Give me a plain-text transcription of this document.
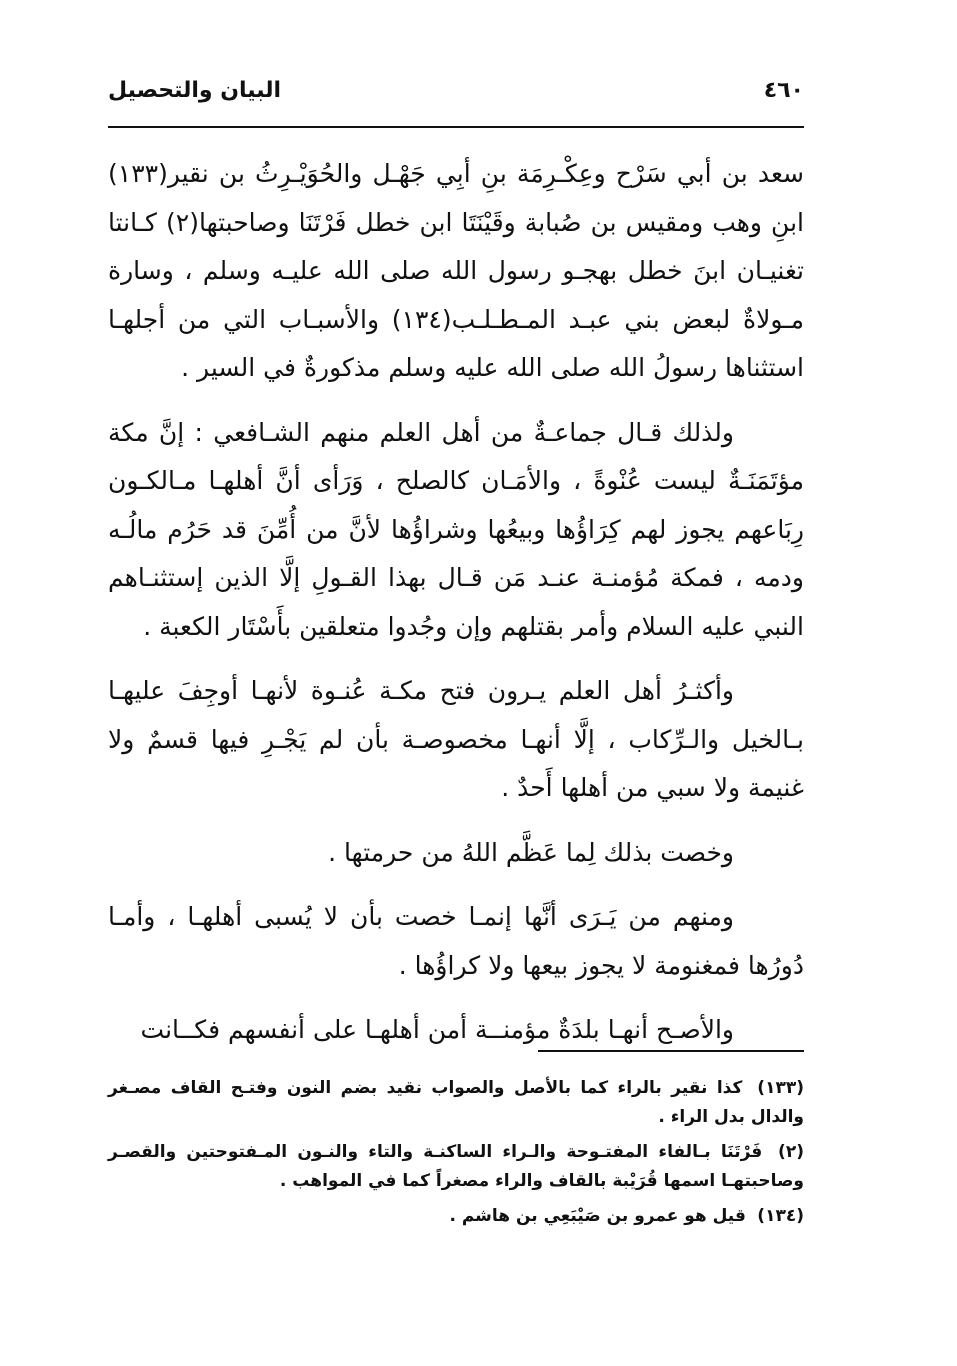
٤٦٠
البيان والتحصيل

سعد بن أبي سَرْح وعِكْـرِمَة بنِ أبِي جَهْـل والحُوَيْـرِثُ بن نقير(١٣٣) ابنِ وهب ومقيس بن صُبابة وقَيْنَتَا ابن خطل فَرْتَنَا وصاحبتها(٢) كـانتا تغنيـان ابنَ خطل بهجـو رسول الله صلى الله عليـه وسلم ، وسارة مـولاةٌ لبعض بني عبـد المـطـلـب(١٣٤) والأسبـاب التي من أجلهـا استثناها رسولُ الله صلى الله عليه وسلم مذكورةٌ في السير .

ولذلك قـال جماعـةٌ من أهل العلم منهم الشـافعي : إنَّ مكة مؤتَمَنَـةٌ ليست عُنْوةً ، والأمَـان كالصلح ، وَرَأى أنَّ أهلهـا مـالكـون رِبَاعهم يجوز لهم كِرَاؤُها وبيعُها وشراؤُها لأنَّ من أُمِّنَ قد حَرُم مالُـه ودمه ، فمكة مُؤمنـة عنـد مَن قـال بهذا القـولِ إلَّا الذين إستثنـاهم النبي عليه السلام وأمر بقتلهم وإن وجُدوا متعلقين بأَسْتَار الكعبة .

وأكثـرُ أهل العلم يـرون فتح مكـة عُنـوة لأنهـا أوجِفَ عليهـا بـالخيل والـرِّكاب ، إلَّا أنهـا مخصوصـة بأن لم يَجْـرِ فيها قسمٌ ولا غنيمة ولا سبي من أهلها أَحدٌ .

وخصت بذلك لِما عَظَّم اللهُ من حرمتها .

ومنهم من يَـرَى أنَّها إنمـا خصت بأن لا يُسبى أهلهـا ، وأمـا دُورُها فمغنومة لا يجوز بيعها ولا كراؤُها .

والأصـح أنهـا بلدَةٌ مؤمنــة أمن أهلهـا على أنفسهم فكــانت

(١٣٣) كذا نقير بالراء كما بالأصل والصواب نقيد بضم النون وفتـح القاف مصـغر والدال بدل الراء .

(٢) فَرْتَنَا بـالفاء المفتـوحة والـراء الساكنـة والتاء والنـون المـفتوحتين والقصـر وصاحبتهـا اسمها قُرَيْبة بالقاف والراء مصغراً كما في المواهب .

(١٣٤) قيل هو عمرو بن صَيْبَعِي بن هاشم .
